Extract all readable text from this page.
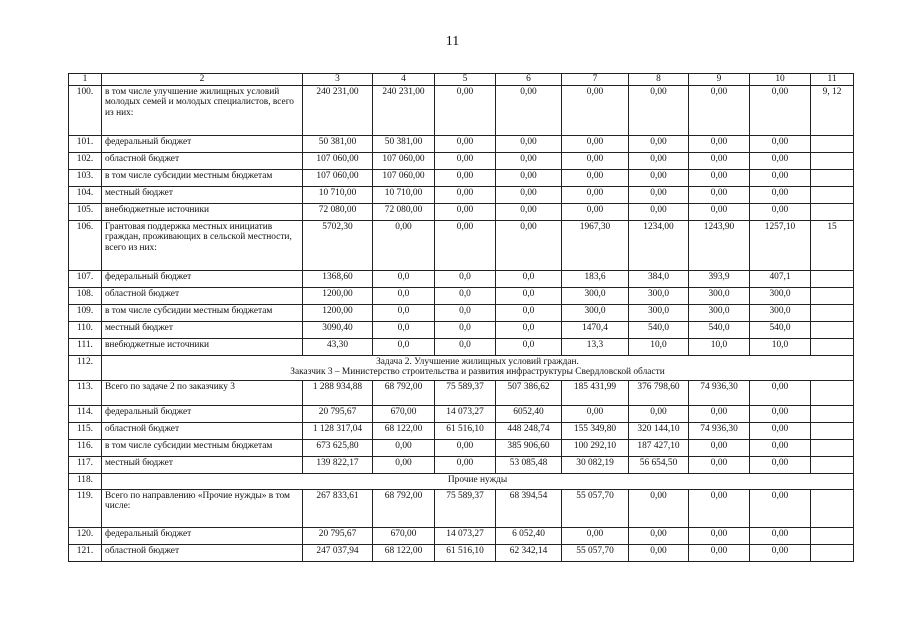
11
1	2	3	4	5	6	7	8	9	10	11
100.	в том числе улучшение жилищных условий молодых семей и молодых специалистов, всего из них:	240 231,00	240 231,00	0,00	0,00	0,00	0,00	0,00	0,00	9, 12
101.	федеральный бюджет	50 381,00	50 381,00	0,00	0,00	0,00	0,00	0,00	0,00	
102.	областной бюджет	107 060,00	107 060,00	0,00	0,00	0,00	0,00	0,00	0,00	
103.	в том числе субсидии местным бюджетам	107 060,00	107 060,00	0,00	0,00	0,00	0,00	0,00	0,00	
104.	местный бюджет	10 710,00	10 710,00	0,00	0,00	0,00	0,00	0,00	0,00	
105.	внебюджетные источники	72 080,00	72 080,00	0,00	0,00	0,00	0,00	0,00	0,00	
106.	Грантовая поддержка местных инициатив граждан, проживающих в сельской местности, всего из них:	5702,30	0,00	0,00	0,00	1967,30	1234,00	1243,90	1257,10	15
107.	федеральный бюджет	1368,60	0,0	0,0	0,0	183,6	384,0	393,9	407,1	
108.	областной бюджет	1200,00	0,0	0,0	0,0	300,0	300,0	300,0	300,0	
109.	в том числе субсидии местным бюджетам	1200,00	0,0	0,0	0,0	300,0	300,0	300,0	300,0	
110.	местный бюджет	3090,40	0,0	0,0	0,0	1470,4	540,0	540,0	540,0	
111.	внебюджетные источники	43,30	0,0	0,0	0,0	13,3	10,0	10,0	10,0	
112.	Задача 2. Улучшение жилищных условий граждан.
Заказчик 3 – Министерство строительства и развития инфраструктуры Свердловской области									

113.	Всего по задаче 2 по заказчику 3	1 288 934,88	68 792,00	75 589,37	507 386,62	185 431,99	376 798,60	74 936,30	0,00	
114.	федеральный бюджет	20 795,67	670,00	14 073,27	6052,40	0,00	0,00	0,00	0,00	
115.	областной бюджет	1 128 317,04	68 122,00	61 516,10	448 248,74	155 349,80	320 144,10	74 936,30	0,00	
116.	в том числе субсидии местным бюджетам	673 625,80	0,00	0,00	385 906,60	100 292,10	187 427,10	0,00	0,00	
117.	местный бюджет	139 822,17	0,00	0,00	53 085,48	30 082,19	56 654,50	0,00	0,00	
118.	Прочие нужды									

119.	Всего по направлению «Прочие нужды» в том числе:	267 833,61	68 792,00	75 589,37	68 394,54	55 057,70	0,00	0,00	0,00	
120.	федеральный бюджет	20 795,67	670,00	14 073,27	6 052,40	0,00	0,00	0,00	0,00	
121.	областной бюджет	247 037,94	68 122,00	61 516,10	62 342,14	55 057,70	0,00	0,00	0,00	
